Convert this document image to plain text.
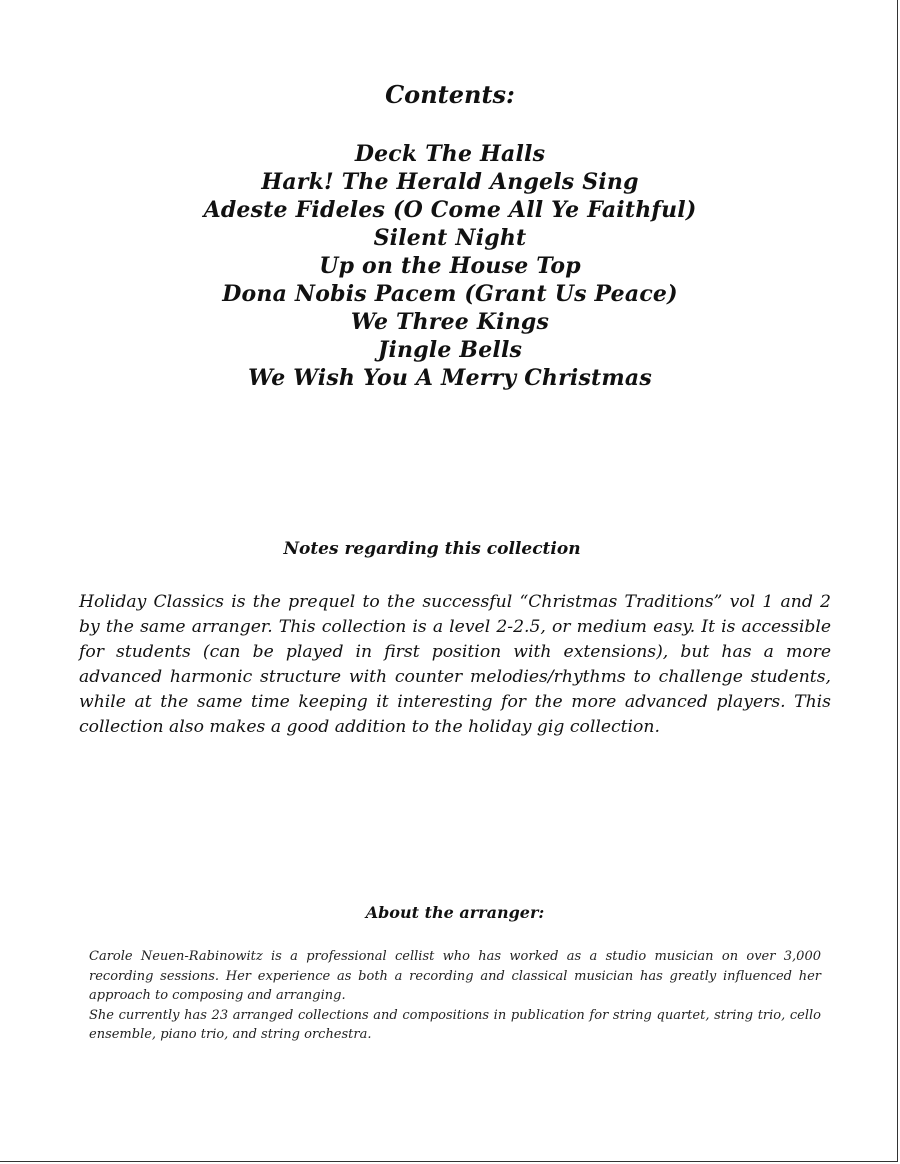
Contents:
Deck The Halls
Hark! The Herald Angels Sing
Adeste Fideles (O Come All Ye Faithful)
Silent Night
Up on the House Top
Dona Nobis Pacem (Grant Us Peace)
We Three Kings
Jingle Bells
We Wish You A Merry Christmas
Notes regarding this collection

Holiday Classics is the prequel to the successful “Christmas Traditions” vol 1 and 2 by the same arranger. This collection is a level 2-2.5, or medium easy. It is accessible for students (can be played in first position with extensions), but has a more advanced harmonic structure with counter melodies/rhythms to challenge students, while at the same time keeping it interesting for the more advanced players. This collection also makes a good addition to the holiday gig collection.

About the arranger:

Carole Neuen-Rabinowitz is a professional cellist who has worked as a studio musician on over 3,000 recording sessions. Her experience as both a recording and classical musician has greatly influenced her approach to composing and arranging.

She currently has 23 arranged collections and compositions in publication for string quartet, string trio, cello ensemble, piano trio, and string orchestra.
